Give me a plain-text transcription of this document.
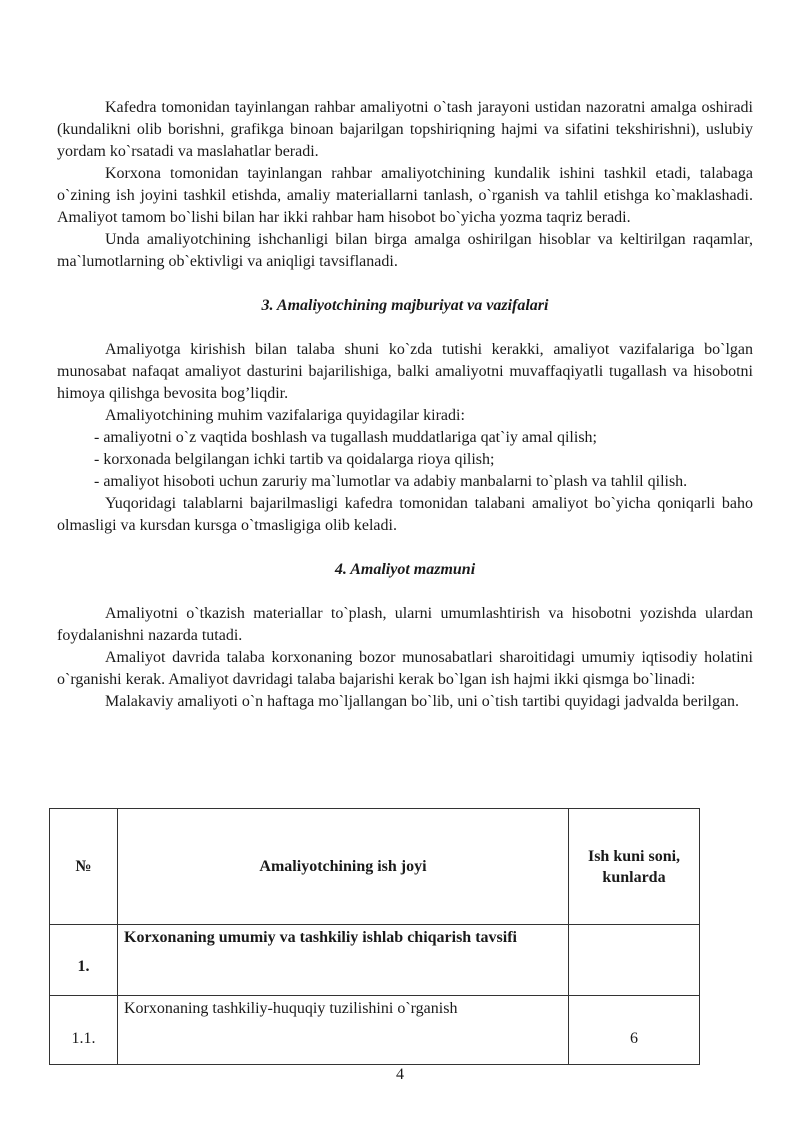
Kafedra tomonidan tayinlangan rahbar amaliyotni o`tash jarayoni ustidan nazoratni amalga oshiradi (kundalikni olib borishni, grafikga binoan bajarilgan topshiriqning hajmi va sifatini tekshirishni), uslubiy yordam ko`rsatadi va maslahatlar beradi.

Korxona tomonidan tayinlangan rahbar amaliyotchining kundalik ishini tashkil etadi, talabaga o`zining ish joyini tashkil etishda, amaliy materiallarni tanlash, o`rganish va tahlil etishga ko`maklashadi. Amaliyot tamom bo`lishi bilan har ikki rahbar ham hisobot bo`yicha yozma taqriz beradi.

Unda amaliyotchining ishchanligi bilan birga amalga oshirilgan hisoblar va keltirilgan raqamlar, ma`lumotlarning ob`ektivligi va aniqligi tavsiflanadi.

3. Amaliyotchining majburiyat va vazifalari

Amaliyotga kirishish bilan talaba shuni ko`zda tutishi kerakki, amaliyot vazifalariga bo`lgan munosabat nafaqat amaliyot dasturini bajarilishiga, balki amaliyotni muvaffaqiyatli tugallash va hisobotni himoya qilishga bevosita bog’liqdir.

Amaliyotchining muhim vazifalariga quyidagilar kiradi:

- amaliyotni o`z vaqtida boshlash va tugallash muddatlariga qat`iy amal qilish;

- korxonada belgilangan ichki tartib va qoidalarga rioya qilish;

- amaliyot hisoboti uchun zaruriy ma`lumotlar va adabiy manbalarni to`plash va tahlil qilish.

Yuqoridagi talablarni bajarilmasligi kafedra tomonidan talabani amaliyot bo`yicha qoniqarli baho olmasligi va kursdan kursga o`tmasligiga olib keladi.

4. Amaliyot mazmuni

Amaliyotni o`tkazish materiallar to`plash, ularni umumlashtirish va hisobotni yozishda ulardan foydalanishni nazarda tutadi.

Amaliyot davrida talaba korxonaning bozor munosabatlari sharoitidagi umumiy iqtisodiy holatini o`rganishi kerak. Amaliyot davridagi talaba bajarishi kerak bo`lgan ish hajmi ikki qismga bo`linadi:

Malakaviy amaliyoti o`n haftaga mo`ljallangan bo`lib, uni o`tish tartibi quyidagi jadvalda berilgan.

№	Amaliyotchining ish joyi	Ish kuni soni, kunlarda
1.	Korxonaning umumiy va tashkiliy ishlab chiqarish tavsifi	
1.1.	Korxonaning tashkiliy-huquqiy tuzilishini o`rganish	6
4
